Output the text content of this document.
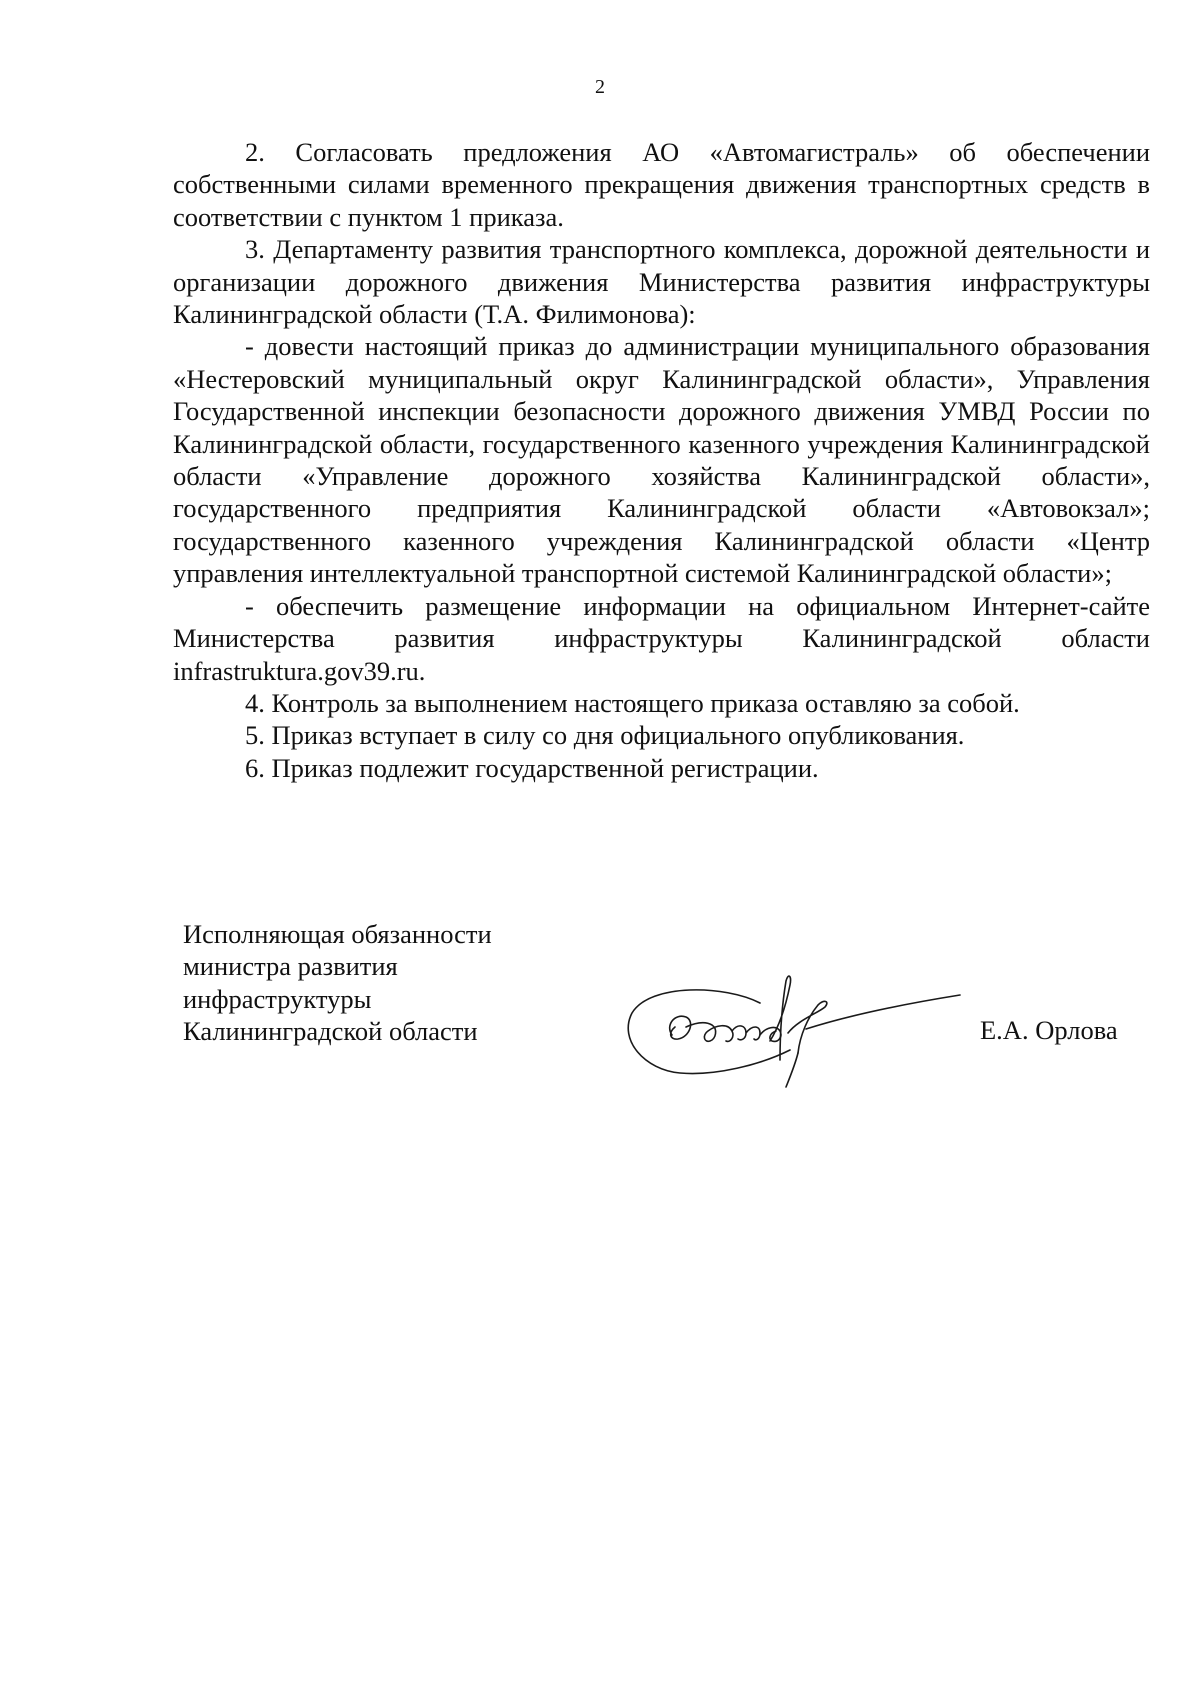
2

2. Согласовать предложения АО «Автомагистраль» об обеспечении собственными силами временного прекращения движения транспортных средств в соответствии с пунктом 1 приказа.

3. Департаменту развития транспортного комплекса, дорожной деятельности и организации дорожного движения Министерства развития инфраструктуры Калининградской области (Т.А. Филимонова):

- довести настоящий приказ до администрации муниципального образования «Нестеровский муниципальный округ Калининградской области», Управления Государственной инспекции безопасности дорожного движения УМВД России по Калининградской области, государственного казенного учреждения Калининградской области «Управление дорожного хозяйства Калининградской области», государственного предприятия Калининградской области «Автовокзал»; государственного казенного учреждения Калининградской области «Центр управления интеллектуальной транспортной системой Калининградской области»;

- обеспечить размещение информации на официальном Интернет-сайте Министерства развития инфраструктуры Калининградской области infrastruktura.gov39.ru.

4. Контроль за выполнением настоящего приказа оставляю за собой.

5. Приказ вступает в силу со дня официального опубликования.

6. Приказ подлежит государственной регистрации.

Исполняющая обязанности
министра развития
инфраструктуры
Калининградской области	Е.А. Орлова
